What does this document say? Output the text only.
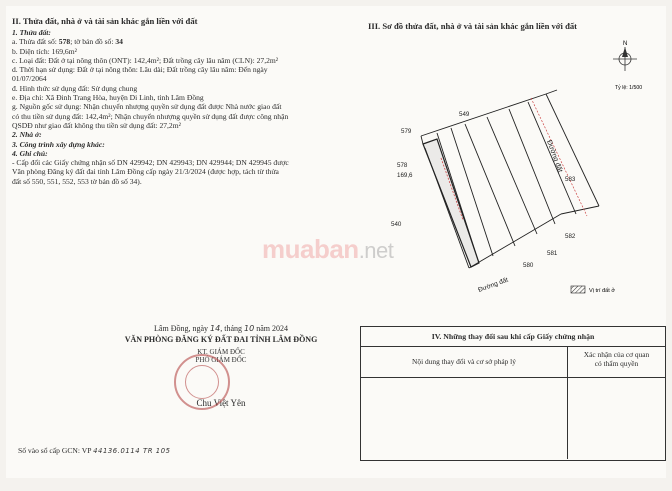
II. Thửa đất, nhà ở và tài sản khác gắn liền với đất
1. Thửa đất:
a. Thửa đất số: 578; tờ bản đồ số: 34
b. Diện tích: 169,6m²
c. Loại đất: Đất ở tại nông thôn (ONT): 142,4m²; Đất trồng cây lâu năm (CLN): 27,2m²
d. Thời hạn sử dụng: Đất ở tại nông thôn: Lâu dài; Đất trồng cây lâu năm: Đến ngày
01/07/2064
đ. Hình thức sử dụng đất: Sử dụng chung
e. Địa chỉ: Xã Đinh Trang Hòa, huyện Di Linh, tỉnh Lâm Đồng
g. Nguồn gốc sử dụng: Nhận chuyển nhượng quyền sử dụng đất được Nhà nước giao đất
có thu tiền sử dụng đất: 142,4m²; Nhận chuyển nhượng quyền sử dụng đất được công nhận
QSDĐ như giao đất không thu tiền sử dụng đất: 27,2m²
2. Nhà ở:
3. Công trình xây dựng khác:
4. Ghi chú:
- Cấp đổi các Giấy chứng nhận số DN 429942; DN 429943; DN 429944; DN 429945 được
Văn phòng Đăng ký đất đai tỉnh Lâm Đồng cấp ngày 21/3/2024 (được hợp, tách từ thửa
đất số 550, 551, 552, 553 tờ bản đồ số 34).
III. Sơ đồ thửa đất, nhà ở và tài sản khác gắn liền với đất
N
Tỷ lệ: 1/500
549
579
578
169,6
583
540
582
581
580
Đường đất
Đường đất	Vị trí đất ở
muaban.net
Lâm Đồng, ngày 14, tháng 10 năm 2024
VĂN PHÒNG ĐĂNG KÝ ĐẤT ĐAI TỈNH LÂM ĐỒNG
KT. GIÁM ĐỐC
PHÓ GIÁM ĐỐC
Chu Việt Yên
IV. Những thay đổi sau khi cấp Giấy chứng nhận
Nội dung thay đổi và cơ sở pháp lý
Xác nhận của cơ quan
có thẩm quyền
Số vào sổ cấp GCN: VP 44136.0114 TR 105
